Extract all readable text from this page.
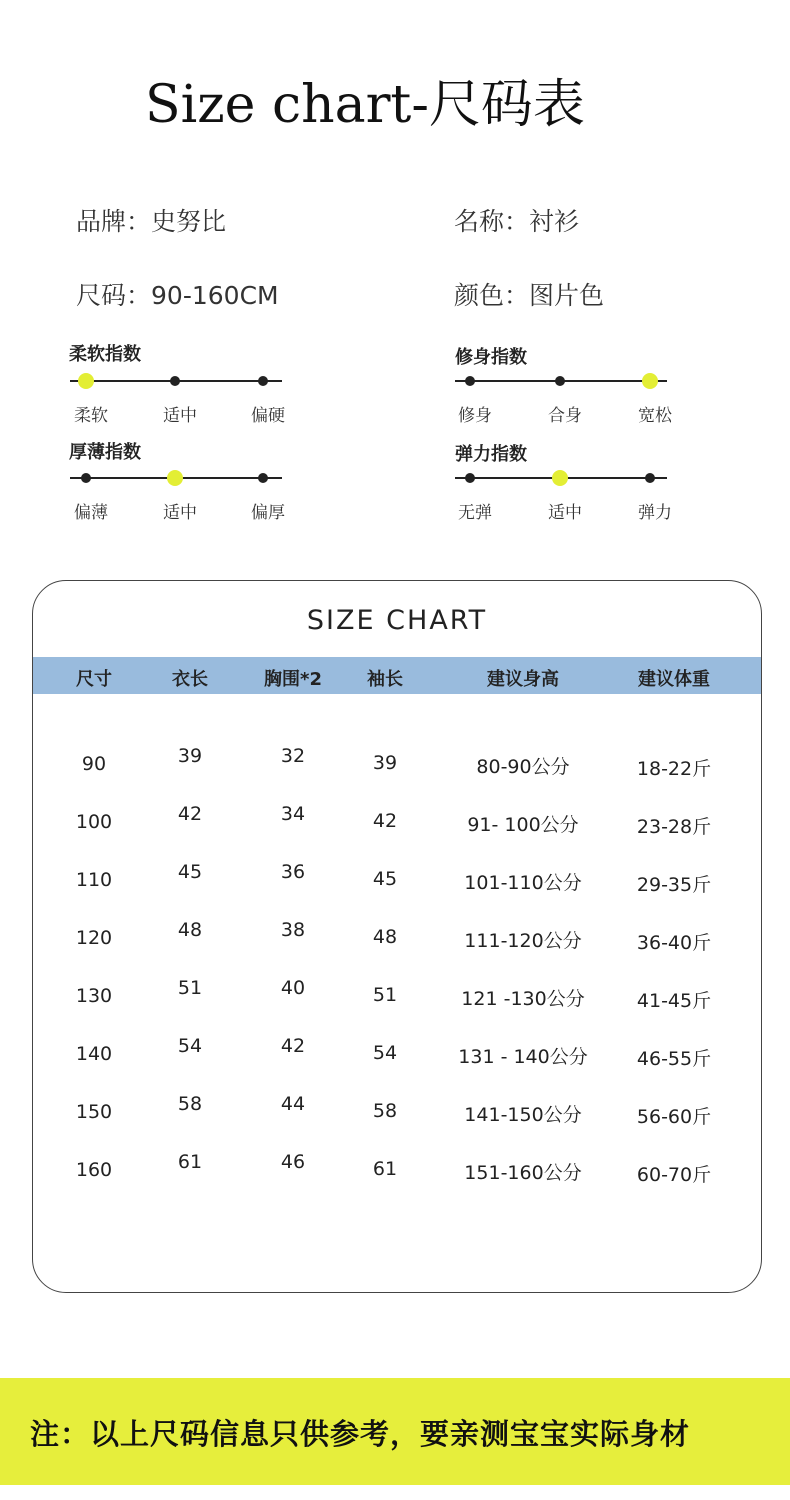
Size chart-尺码表
品牌：史努比	名称：衬衫
尺码：90-160CM	颜色：图片色
柔软指数
柔软	适中	偏硬
修身指数
修身	合身	宽松
厚薄指数
偏薄	适中	偏厚
弹力指数
无弹	适中	弹力
SIZE CHART
尺寸	衣长	胸围*2	袖长	建议身高	建议体重
90	39	32	39	80-90公分	18-22斤
100	42	34	42	91- 100公分	23-28斤
110	45	36	45	101-110公分	29-35斤
120	48	38	48	111-120公分	36-40斤
130	51	40	51	121 -130公分	41-45斤
140	54	42	54	131 - 140公分	46-55斤
150	58	44	58	141-150公分	56-60斤
160	61	46	61	151-160公分	60-70斤
注：以上尺码信息只供参考，要亲测宝宝实际身材
